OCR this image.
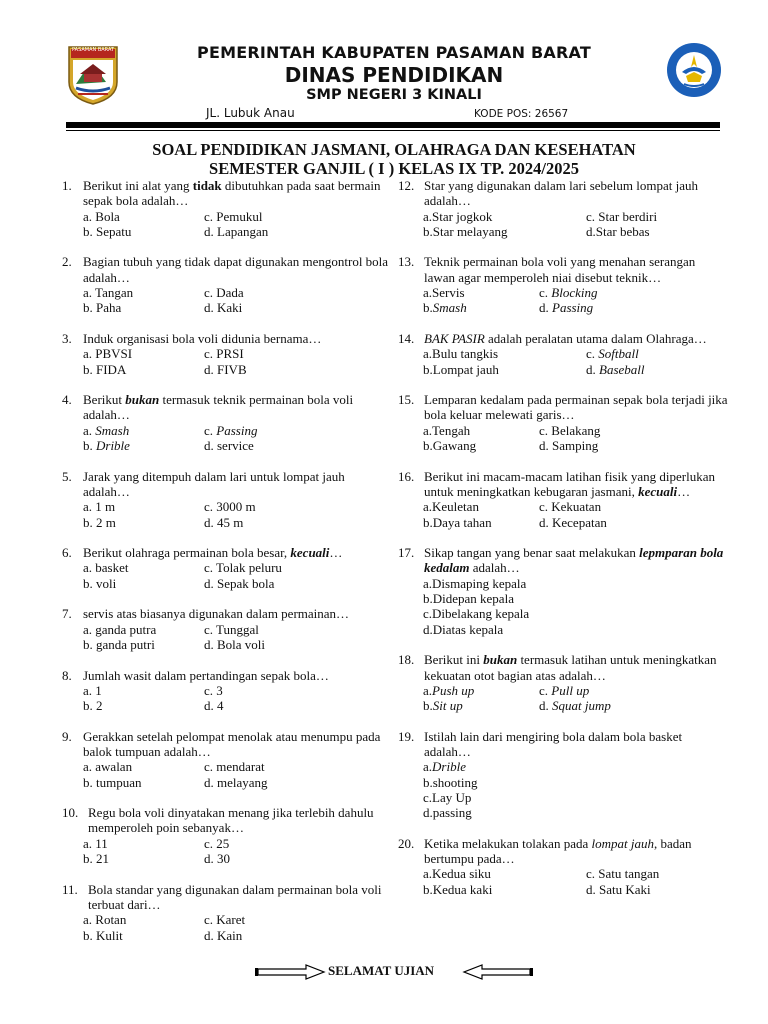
PASAMAN BARAT	PEMERINTAH KABUPATEN PASAMAN BARAT
DINAS PENDIDIKAN
SMP NEGERI 3 KINALI
JL. Lubuk Anau	KODE POS: 26567
SOAL PENDIDIKAN JASMANI, OLAHRAGA DAN KESEHATAN
SEMESTER GANJIL ( I ) KELAS IX TP. 2024/2025
1. Berikut ini alat yang tidak dibutuhkan pada saat bermain sepak bola adalah…
a. Bola	c. Pemukul
b. Sepatu	d. Lapangan
2. Bagian tubuh yang tidak dapat digunakan mengontrol bola adalah…
a. Tangan	c. Dada
b. Paha	d. Kaki
3. Induk organisasi bola voli didunia bernama…
a. PBVSI	c. PRSI
b. FIDA	d. FIVB
4. Berikut bukan termasuk teknik permainan bola voli adalah…
a. Smash	c. Passing
b. Drible	d. service
5. Jarak yang ditempuh dalam lari untuk lompat jauh adalah…
a. 1 m	c. 3000 m
b. 2 m	d. 45 m
6. Berikut olahraga permainan bola besar, kecuali…
a. basket	c. Tolak peluru
b. voli	d. Sepak bola
7. servis atas biasanya digunakan dalam permainan…
a. ganda putra	c. Tunggal
b. ganda putri	d. Bola voli
8. Jumlah wasit dalam pertandingan sepak bola…
a. 1	c. 3
b. 2	d. 4
9. Gerakkan setelah pelompat menolak atau menumpu pada balok tumpuan adalah…
a. awalan	c. mendarat
b. tumpuan	d. melayang
10. Regu bola voli dinyatakan menang jika terlebih dahulu memperoleh poin sebanyak…
a. 11	c. 25
b. 21	d. 30
11. Bola standar yang digunakan dalam permainan bola voli terbuat dari…
a. Rotan	c. Karet
b. Kulit	d. Kain
12. Star yang digunakan dalam lari sebelum lompat jauh adalah…
a.Star jogkok	c. Star berdiri
b.Star melayang	d.Star bebas
13. Teknik permainan bola voli yang menahan serangan lawan agar memperoleh niai disebut teknik…
a.Servis	c. Blocking
b.Smash	d. Passing
14. BAK PASIR adalah peralatan utama dalam Olahraga…
a.Bulu tangkis	c. Softball
b.Lompat jauh	d. Baseball
15. Lemparan kedalam pada permainan sepak bola terjadi jika bola keluar melewati garis…
a.Tengah	c. Belakang
b.Gawang	d. Samping
16. Berikut ini macam-macam latihan fisik yang diperlukan untuk meningkatkan kebugaran jasmani, kecuali…
a.Keuletan	c. Kekuatan
b.Daya tahan	d. Kecepatan
17. Sikap tangan yang benar saat melakukan lepmparan bola kedalam adalah…
a.Dismaping kepala
b.Didepan kepala
c.Dibelakang kepala
d.Diatas kepala
18. Berikut ini bukan termasuk latihan untuk meningkatkan kekuatan otot bagian atas adalah…
a.Push up	c. Pull up
b.Sit up	d. Squat jump
19. Istilah lain dari mengiring bola dalam bola basket adalah…
a.Drible
b.shooting
c.Lay Up
d.passing
20. Ketika melakukan tolakan pada lompat jauh, badan bertumpu pada…
a.Kedua siku	c. Satu tangan
b.Kedua kaki	d. Satu Kaki
SELAMAT UJIAN
